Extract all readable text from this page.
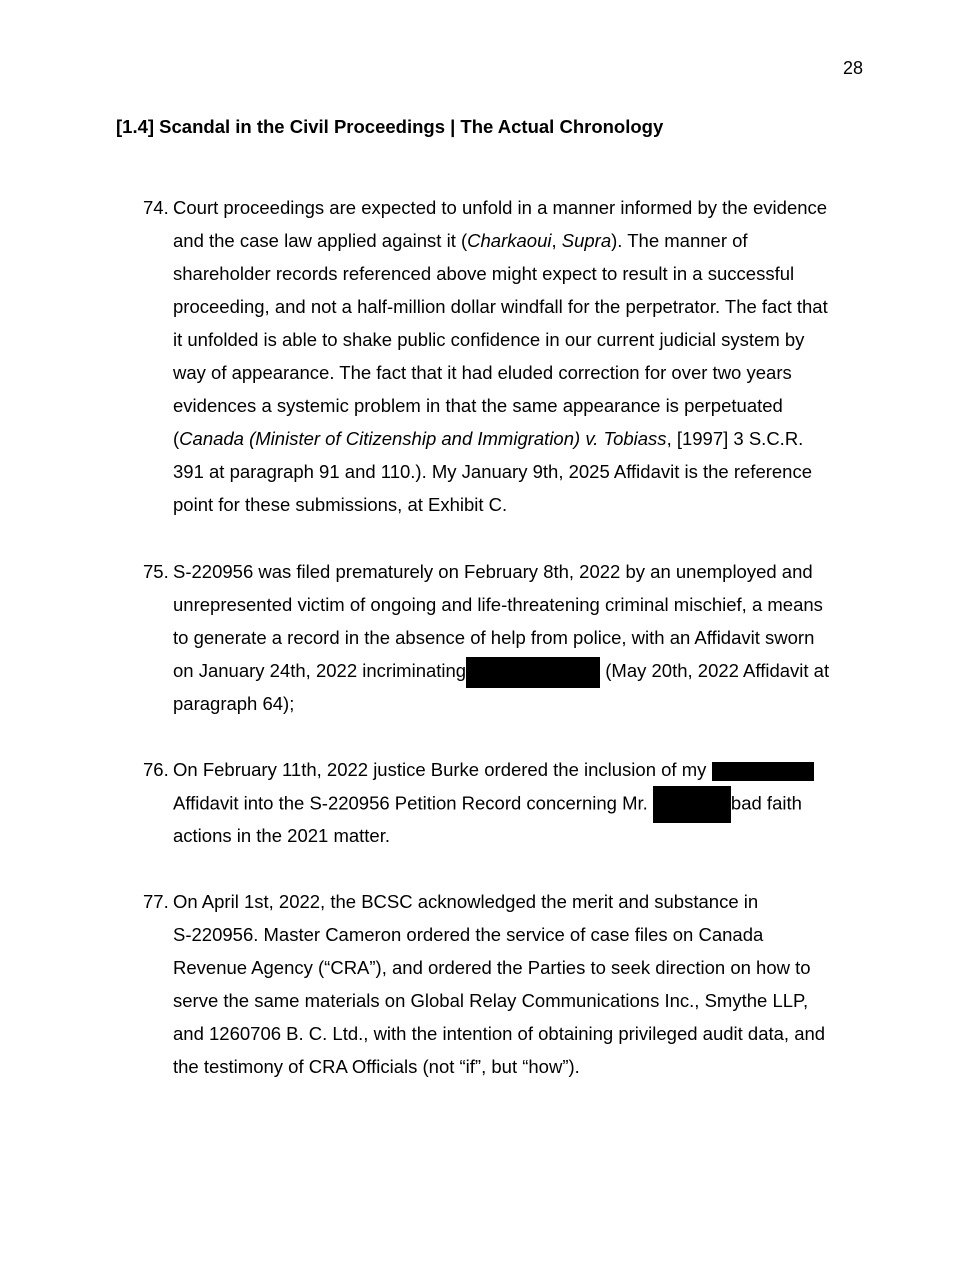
28
[1.4] Scandal in the Civil Proceedings | The Actual Chronology
74. Court proceedings are expected to unfold in a manner informed by the evidence
and the case law applied against it (Charkaoui, Supra). The manner of
shareholder records referenced above might expect to result in a successful
proceeding, and not a half-million dollar windfall for the perpetrator. The fact that
it unfolded is able to shake public confidence in our current judicial system by
way of appearance. The fact that it had eluded correction for over two years
evidences a systemic problem in that the same appearance is perpetuated
(Canada (Minister of Citizenship and Immigration) v. Tobiass, [1997] 3 S.C.R.
391 at paragraph 91 and 110.). My January 9th, 2025 Affidavit is the reference
point for these submissions, at Exhibit C.
75. S-220956 was filed prematurely on February 8th, 2022 by an unemployed and
unrepresented victim of ongoing and life-threatening criminal mischief, a means
to generate a record in the absence of help from police, with an Affidavit sworn
on January 24th, 2022 incriminating	(May 20th, 2022 Affidavit at
paragraph 64);
76. On February 11th, 2022 justice Burke ordered the inclusion of my
Affidavit into the S-220956 Petition Record concerning Mr.	bad faith
actions in the 2021 matter.
77. On April 1st, 2022, the BCSC acknowledged the merit and substance in
S-220956. Master Cameron ordered the service of case files on Canada
Revenue Agency (“CRA”), and ordered the Parties to seek direction on how to
serve the same materials on Global Relay Communications Inc., Smythe LLP,
and 1260706 B. C. Ltd., with the intention of obtaining privileged audit data, and
the testimony of CRA Officials (not “if”, but “how”).
